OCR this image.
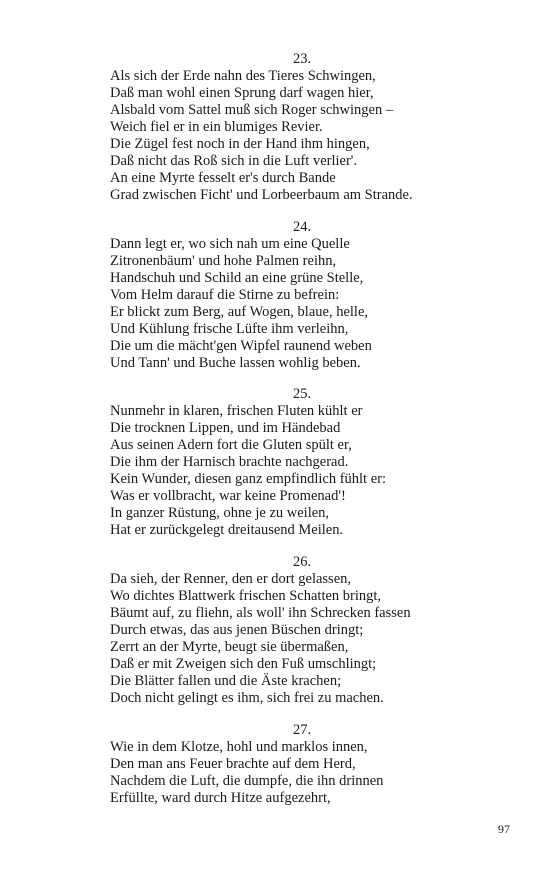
23.
Als sich der Erde nahn des Tieres Schwingen,
Daß man wohl einen Sprung darf wagen hier,
Alsbald vom Sattel muß sich Roger schwingen –
Weich fiel er in ein blumiges Revier.
Die Zügel fest noch in der Hand ihm hingen,
Daß nicht das Roß sich in die Luft verlier'.
An eine Myrte fesselt er's durch Bande
Grad zwischen Ficht' und Lorbeerbaum am Strande.
24.
Dann legt er, wo sich nah um eine Quelle
Zitronenbäum' und hohe Palmen reihn,
Handschuh und Schild an eine grüne Stelle,
Vom Helm darauf die Stirne zu befrein:
Er blickt zum Berg, auf Wogen, blaue, helle,
Und Kühlung frische Lüfte ihm verleihn,
Die um die mächt'gen Wipfel raunend weben
Und Tann' und Buche lassen wohlig beben.
25.
Nunmehr in klaren, frischen Fluten kühlt er
Die trocknen Lippen, und im Händebad
Aus seinen Adern fort die Gluten spült er,
Die ihm der Harnisch brachte nachgerad.
Kein Wunder, diesen ganz empfindlich fühlt er:
Was er vollbracht, war keine Promenad'!
In ganzer Rüstung, ohne je zu weilen,
Hat er zurückgelegt dreitausend Meilen.
26.
Da sieh, der Renner, den er dort gelassen,
Wo dichtes Blattwerk frischen Schatten bringt,
Bäumt auf, zu fliehn, als woll' ihn Schrecken fassen
Durch etwas, das aus jenen Büschen dringt;
Zerrt an der Myrte, beugt sie übermaßen,
Daß er mit Zweigen sich den Fuß umschlingt;
Die Blätter fallen und die Äste krachen;
Doch nicht gelingt es ihm, sich frei zu machen.
27.
Wie in dem Klotze, hohl und marklos innen,
Den man ans Feuer brachte auf dem Herd,
Nachdem die Luft, die dumpfe, die ihn drinnen
Erfüllte, ward durch Hitze aufgezehrt,
97
